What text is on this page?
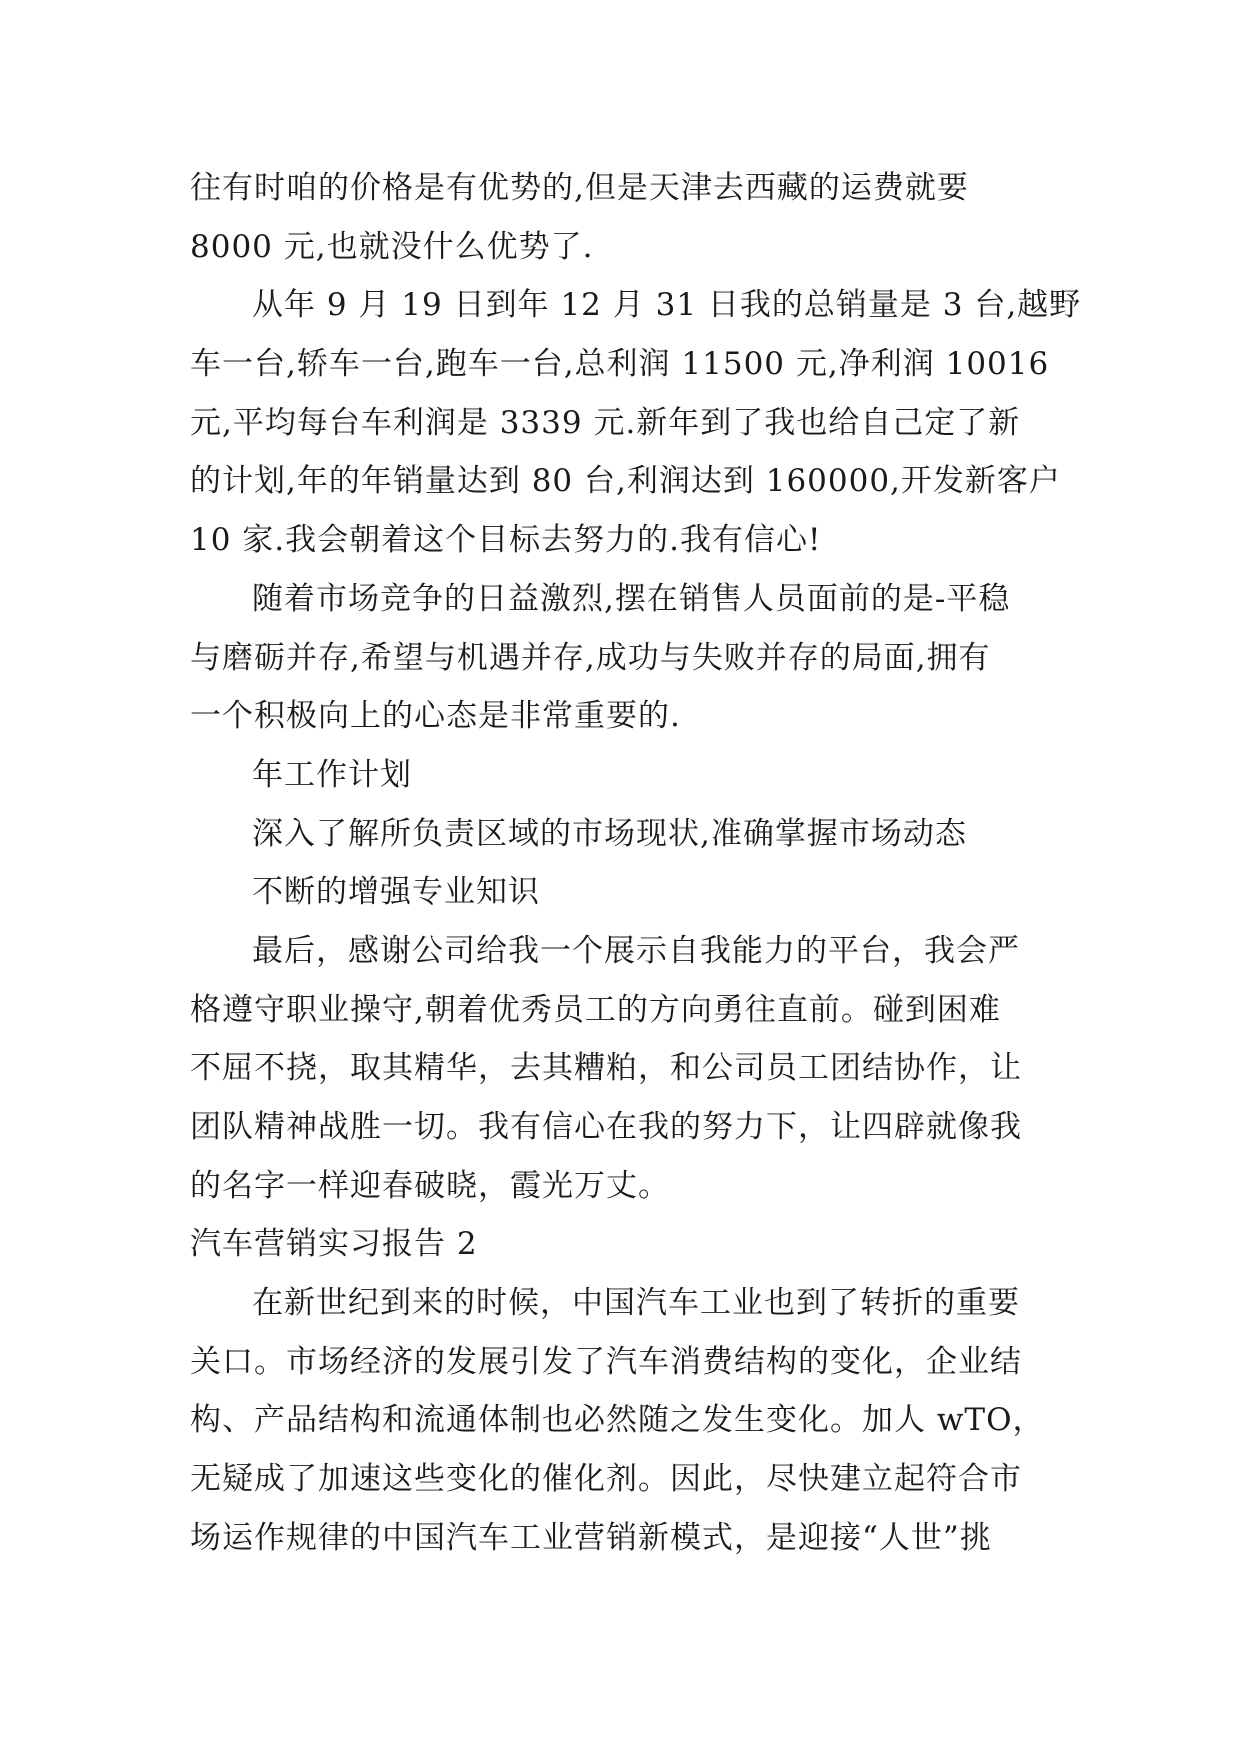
往有时咱的价格是有优势的,但是天津去西藏的运费就要
8000 元,也就没什么优势了.
从年 9 月 19 日到年 12 月 31 日我的总销量是 3 台,越野
车一台,轿车一台,跑车一台,总利润 11500 元,净利润 10016
元,平均每台车利润是 3339 元.新年到了我也给自己定了新
的计划,年的年销量达到 80 台,利润达到 160000,开发新客户
10 家.我会朝着这个目标去努力的.我有信心!
随着市场竞争的日益激烈,摆在销售人员面前的是-平稳
与磨砺并存,希望与机遇并存,成功与失败并存的局面,拥有
一个积极向上的心态是非常重要的.
年工作计划
深入了解所负责区域的市场现状,准确掌握市场动态
不断的增强专业知识
最后，感谢公司给我一个展示自我能力的平台，我会严
格遵守职业操守,朝着优秀员工的方向勇往直前。碰到困难
不屈不挠，取其精华，去其糟粕，和公司员工团结协作，让
团队精神战胜一切。我有信心在我的努力下，让四辟就像我
的名字一样迎春破晓，霞光万丈。
汽车营销实习报告 2
在新世纪到来的时候，中国汽车工业也到了转折的重要
关口。市场经济的发展引发了汽车消费结构的变化，企业结
构、产品结构和流通体制也必然随之发生变化。加人 wTO，
无疑成了加速这些变化的催化剂。因此，尽快建立起符合市
场运作规律的中国汽车工业营销新模式，是迎接“人世”挑
